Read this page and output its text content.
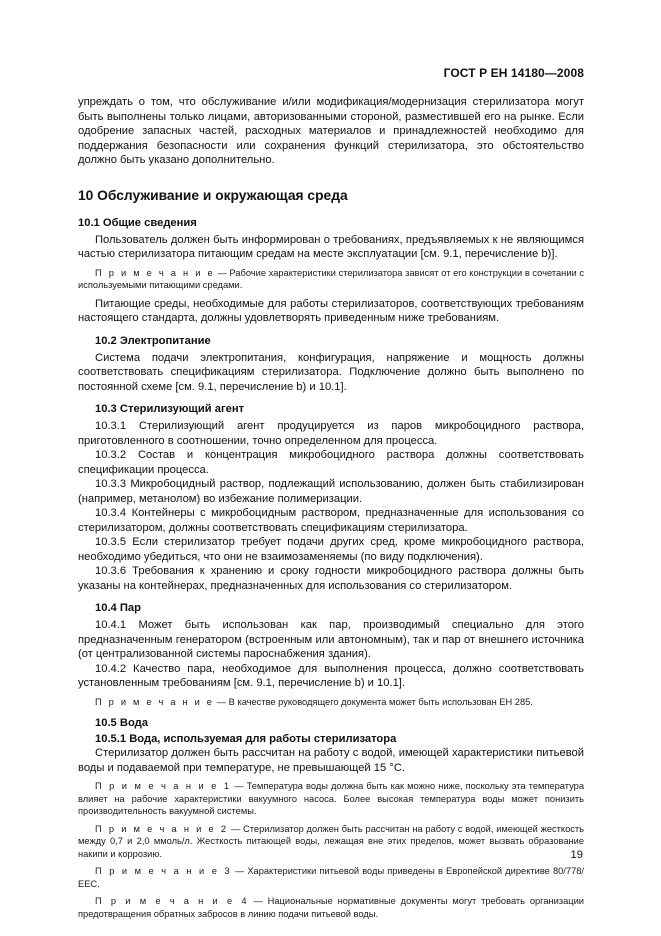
ГОСТ Р ЕН 14180—2008

упреждать о том, что обслуживание и/или модификация/модернизация стерилизатора могут быть выполнены только лицами, авторизованными стороной, разместившей его на рынке. Если одобрение запасных частей, расходных материалов и принадлежностей необходимо для поддержания безопасности или сохранения функций стерилизатора, это обстоятельство должно быть указано дополнительно.

10 Обслуживание и окружающая среда

10.1 Общие сведения

Пользователь должен быть информирован о требованиях, предъявляемых к не являющимся частью стерилизатора питающим средам на месте эксплуатации [см. 9.1, перечисление b)].

П р и м е ч а н и е — Рабочие характеристики стерилизатора зависят от его конструкции в сочетании с используемыми питающими средами.

Питающие среды, необходимые для работы стерилизаторов, соответствующих требованиям настоящего стандарта, должны удовлетворять приведенным ниже требованиям.

10.2 Электропитание

Система подачи электропитания, конфигурация, напряжение и мощность должны соответствовать спецификациям стерилизатора. Подключение должно быть выполнено по постоянной схеме [см. 9.1, перечисление b) и 10.1].

10.3 Стерилизующий агент

10.3.1 Стерилизующий агент продуцируется из паров микробоцидного раствора, приготовленного в соотношении, точно определенном для процесса.

10.3.2 Состав и концентрация микробоцидного раствора должны соответствовать спецификации процесса.

10.3.3 Микробоцидный раствор, подлежащий использованию, должен быть стабилизирован (например, метанолом) во избежание полимеризации.

10.3.4 Контейнеры с микробоцидным раствором, предназначенные для использования со стерилизатором, должны соответствовать спецификациям стерилизатора.

10.3.5 Если стерилизатор требует подачи других сред, кроме микробоцидного раствора, необходимо убедиться, что они не взаимозаменяемы (по виду подключения).

10.3.6 Требования к хранению и сроку годности микробоцидного раствора должны быть указаны на контейнерах, предназначенных для использования со стерилизатором.

10.4 Пар

10.4.1 Может быть использован как пар, производимый специально для этого предназначенным генератором (встроенным или автономным), так и пар от внешнего источника (от централизованной системы парoснабжения здания).

10.4.2 Качество пара, необходимое для выполнения процесса, должно соответствовать установленным требованиям [см. 9.1, перечисление b) и 10.1].

П р и м е ч а н и е — В качестве руководящего документа может быть использован ЕН 285.

10.5 Вода

10.5.1 Вода, используемая для работы стерилизатора

Стерилизатор должен быть рассчитан на работу с водой, имеющей характеристики питьевой воды и подаваемой при температуре, не превышающей 15 °С.

П р и м е ч а н и е 1 — Температура воды должна быть как можно ниже, поскольку эта температура влияет на рабочие характеристики вакуумного насоса. Более высокая температура воды может понизить производительность вакуумной системы.

П р и м е ч а н и е 2 — Стерилизатор должен быть рассчитан на работу с водой, имеющей жесткость между 0,7 и 2,0 ммоль/л. Жесткость питающей воды, лежащая вне этих пределов, может вызвать образование накипи и коррозию.

П р и м е ч а н и е 3 — Характеристики питьевой воды приведены в Европейской директиве 80/778/ЕЕС.

П р и м е ч а н и е 4 — Национальные нормативные документы могут требовать организации предотвращения обратных забросов в линию подачи питьевой воды.

19
